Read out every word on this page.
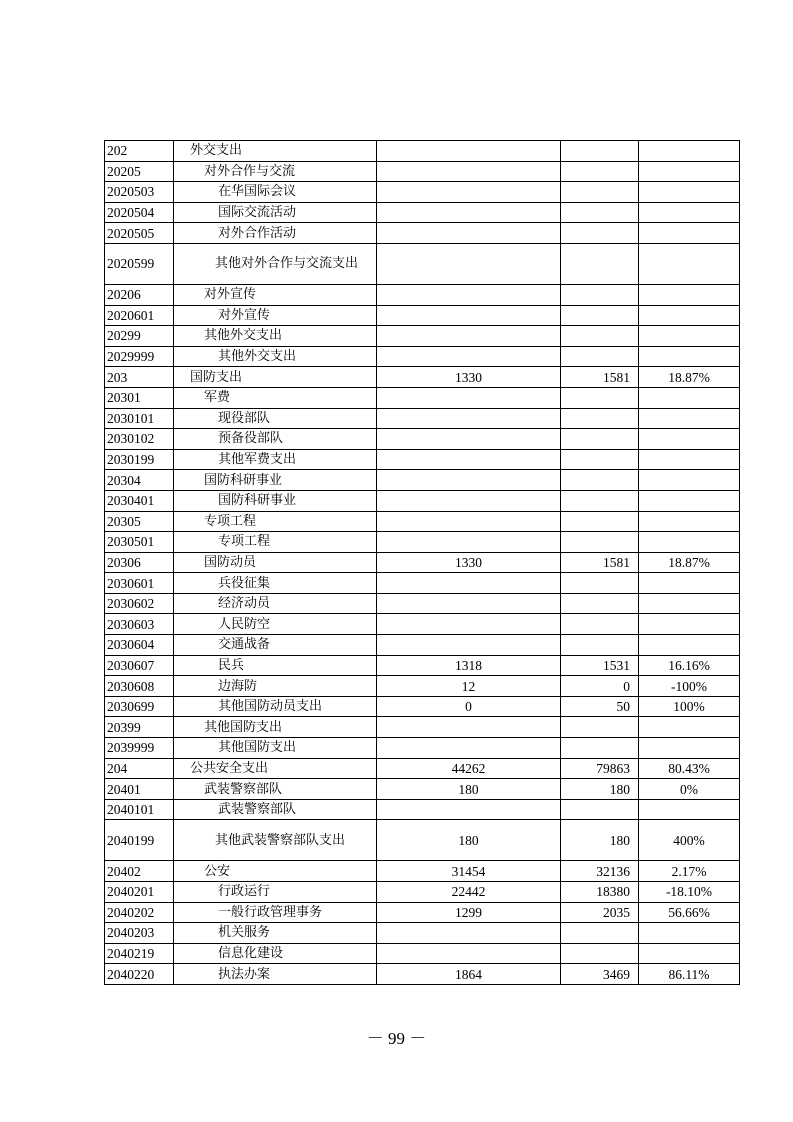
202	外交支出			
20205	对外合作与交流			
2020503	在华国际会议			
2020504	国际交流活动			
2020505	对外合作活动			
2020599	其他对外合作与交流支出			

20206	对外宣传			
2020601	对外宣传			
20299	其他外交支出			
2029999	其他外交支出			
203	国防支出	1330	1581	18.87%
20301	军费			
2030101	现役部队			
2030102	预备役部队			
2030199	其他军费支出			
20304	国防科研事业			
2030401	国防科研事业			
20305	专项工程			
2030501	专项工程			
20306	国防动员	1330	1581	18.87%
2030601	兵役征集			
2030602	经济动员			
2030603	人民防空			
2030604	交通战备			
2030607	民兵	1318	1531	16.16%
2030608	边海防	12	0	-100%
2030699	其他国防动员支出	0	50	100%
20399	其他国防支出			
2039999	其他国防支出			
204	公共安全支出	44262	79863	80.43%
20401	武装警察部队	180	180	0%
2040101	武装警察部队			
2040199	其他武装警察部队支出	180	180	400%
20402	公安	31454	32136	2.17%
2040201	行政运行	22442	18380	-18.10%
2040202	一般行政管理事务	1299	2035	56.66%
2040203	机关服务			
2040219	信息化建设			
2040220	执法办案	1864	3469	86.11%
－ 99 －
